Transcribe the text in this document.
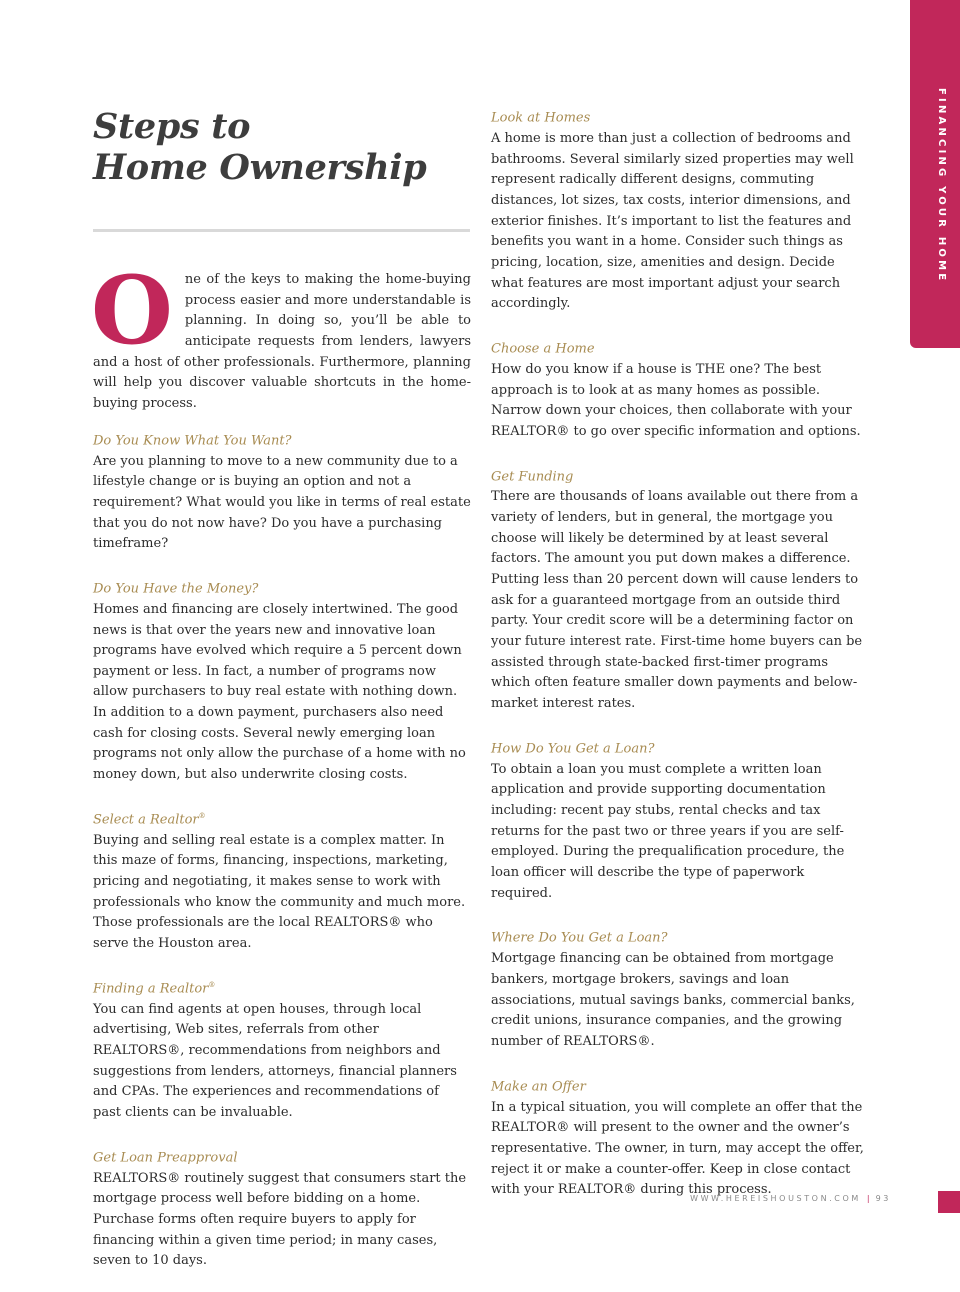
FINANCING YOUR HOME
Steps to
Home Ownership

One of the keys to making the home-buying process easier and more understandable is planning. In doing so, you’ll be able to anticipate requests from lenders, lawyers and a host of other professionals. Furthermore, planning will help you discover valuable shortcuts in the home-buying process.

Do You Know What You Want?

Are you planning to move to a new community due to a lifestyle change or is buying an option and not a requirement? What would you like in terms of real estate that you do not now have? Do you have a purchasing timeframe?

Do You Have the Money?

Homes and financing are closely intertwined. The good news is that over the years new and innovative loan programs have evolved which require a 5 percent down payment or less. In fact, a number of programs now allow purchasers to buy real estate with nothing down. In addition to a down payment, purchasers also need cash for closing costs. Several newly emerging loan programs not only allow the purchase of a home with no money down, but also underwrite closing costs.

Select a Realtor®

Buying and selling real estate is a complex matter. In this maze of forms, financing, inspections, marketing, pricing and negotiating, it makes sense to work with professionals who know the community and much more. Those professionals are the local REALTORS® who serve the Houston area.

Finding a Realtor®

You can find agents at open houses, through local advertising, Web sites, referrals from other REALTORS®, recommendations from neighbors and suggestions from lenders, attorneys, financial planners and CPAs. The experiences and recommendations of past clients can be invaluable.

Get Loan Preapproval

REALTORS® routinely suggest that consumers start the mortgage process well before bidding on a home. Purchase forms often require buyers to apply for financing within a given time period; in many cases, seven to 10 days.

Look at Homes

A home is more than just a collection of bedrooms and bathrooms. Several similarly sized properties may well represent radically different designs, commuting distances, lot sizes, tax costs, interior dimensions, and exterior finishes. It’s important to list the features and benefits you want in a home. Consider such things as pricing, location, size, amenities and design. Decide what features are most important adjust your search accordingly.

Choose a Home

How do you know if a house is THE one? The best approach is to look at as many homes as possible. Narrow down your choices, then collaborate with your REALTOR® to go over specific information and options.

Get Funding

There are thousands of loans available out there from a variety of lenders, but in general, the mortgage you choose will likely be determined by at least several factors. The amount you put down makes a difference. Putting less than 20 percent down will cause lenders to ask for a guaranteed mortgage from an outside third party. Your credit score will be a determining factor on your future interest rate. First-time home buyers can be assisted through state-backed first-timer programs which often feature smaller down payments and below-market interest rates.

How Do You Get a Loan?

To obtain a loan you must complete a written loan application and provide supporting documentation including: recent pay stubs, rental checks and tax returns for the past two or three years if you are self-employed. During the prequalification procedure, the loan officer will describe the type of paperwork required.

Where Do You Get a Loan?

Mortgage financing can be obtained from mortgage bankers, mortgage brokers, savings and loan associations, mutual savings banks, commercial banks, credit unions, insurance companies, and the growing number of REALTORS®.

Make an Offer

In a typical situation, you will complete an offer that the REALTOR® will present to the owner and the owner’s representative. The owner, in turn, may accept the offer, reject it or make a counter-offer. Keep in close contact with your REALTOR® during this process.

WWW.HEREISHOUSTON.COM | 93
